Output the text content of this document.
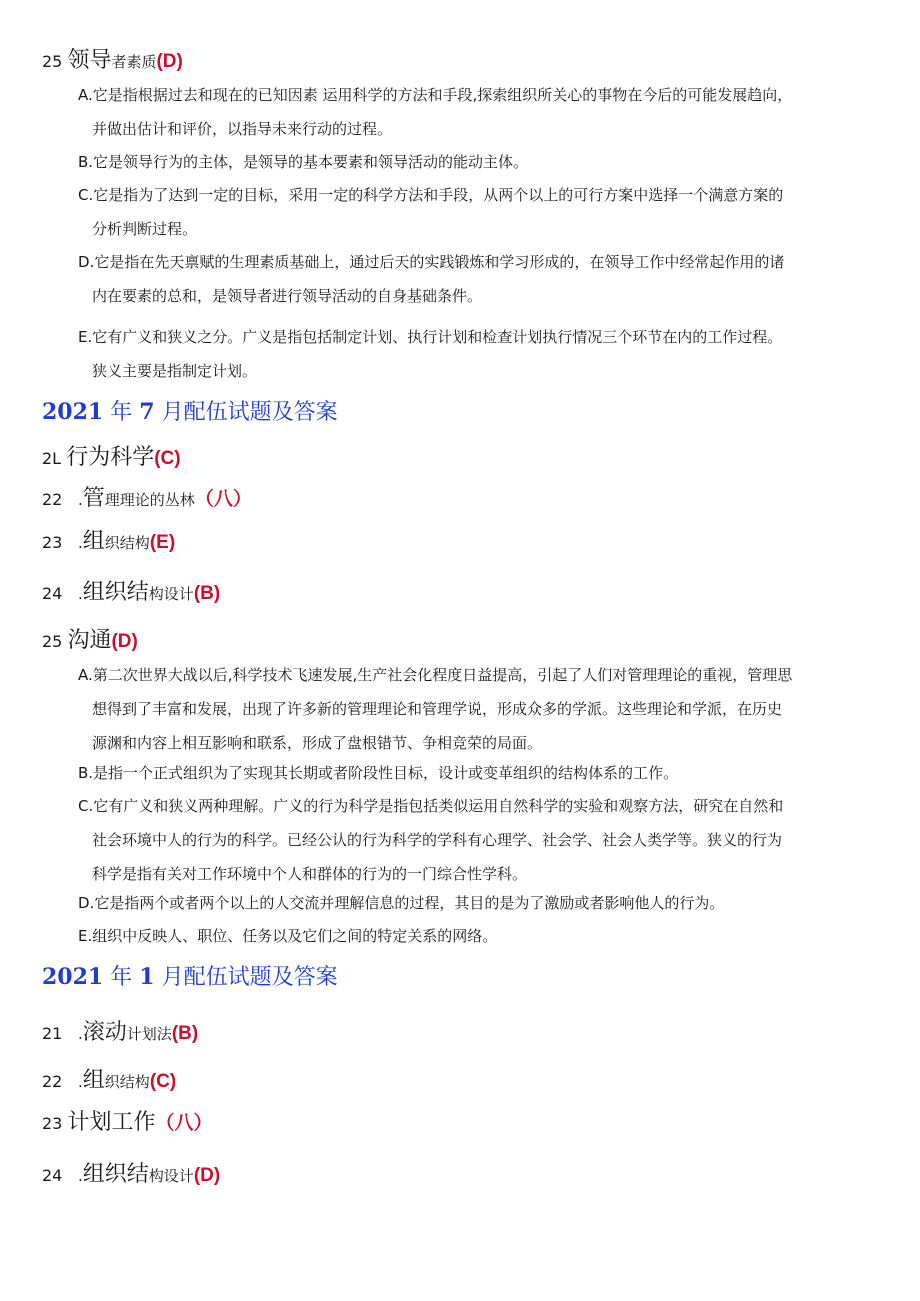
25 领导者素质(D)
A.它是指根据过去和现在的已知因素 运用科学的方法和手段,探索组织所关心的事物在今后的可能发展趋向，
并做出估计和评价，以指导未来行动的过程。
B.它是领导行为的主体，是领导的基本要素和领导活动的能动主体。
C.它是指为了达到一定的目标，采用一定的科学方法和手段，从两个以上的可行方案中选择一个满意方案的
分析判断过程。
D.它是指在先天禀赋的生理素质基础上，通过后天的实践锻炼和学习形成的，在领导工作中经常起作用的诸
内在要素的总和，是领导者进行领导活动的自身基础条件。
E.它有广义和狭义之分。广义是指包括制定计划、执行计划和检查计划执行情况三个环节在内的工作过程。
狭义主要是指制定计划。
2021 年 7 月配伍试题及答案
2L 行为科学(C)
22 .管理理论的丛林（八）
23 .组织结构(E)
24 .组织结构设计(B)
25 沟通(D)
A.第二次世界大战以后,科学技术飞速发展,生产社会化程度日益提高，引起了人们对管理理论的重视，管理思
想得到了丰富和发展，出现了许多新的管理理论和管理学说，形成众多的学派。这些理论和学派，在历史
源渊和内容上相互影响和联系，形成了盘根错节、争相竞荣的局面。
B.是指一个正式组织为了实现其长期或者阶段性目标，设计或变革组织的结构体系的工作。
C.它有广义和狭义两种理解。广义的行为科学是指包括类似运用自然科学的实验和观察方法，研究在自然和
社会环境中人的行为的科学。已经公认的行为科学的学科有心理学、社会学、社会人类学等。狭义的行为
科学是指有关对工作环境中个人和群体的行为的一门综合性学科。
D.它是指两个或者两个以上的人交流并理解信息的过程，其目的是为了激励或者影响他人的行为。
E.组织中反映人、职位、任务以及它们之间的特定关系的网络。
2021 年 1 月配伍试题及答案
21 .滚动计划法(B)
22 .组织结构(C)
23 计划工作（八）
24 .组织结构设计(D)
